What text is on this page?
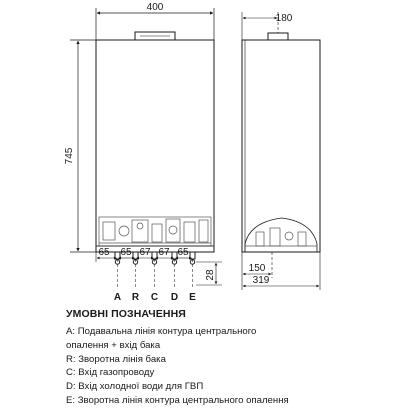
400
745
65 65 67 67 65
28
A R C D E
180
150
319
УМОВНІ ПОЗНАЧЕННЯ
A: Подавальна лінія контура центрального
опалення + вхід бака
R: Зворотна лінія бака
C: Вхід газопроводу
D: Вхід холодної води для ГВП
E: Зворотна лінія контура центрального опалення
